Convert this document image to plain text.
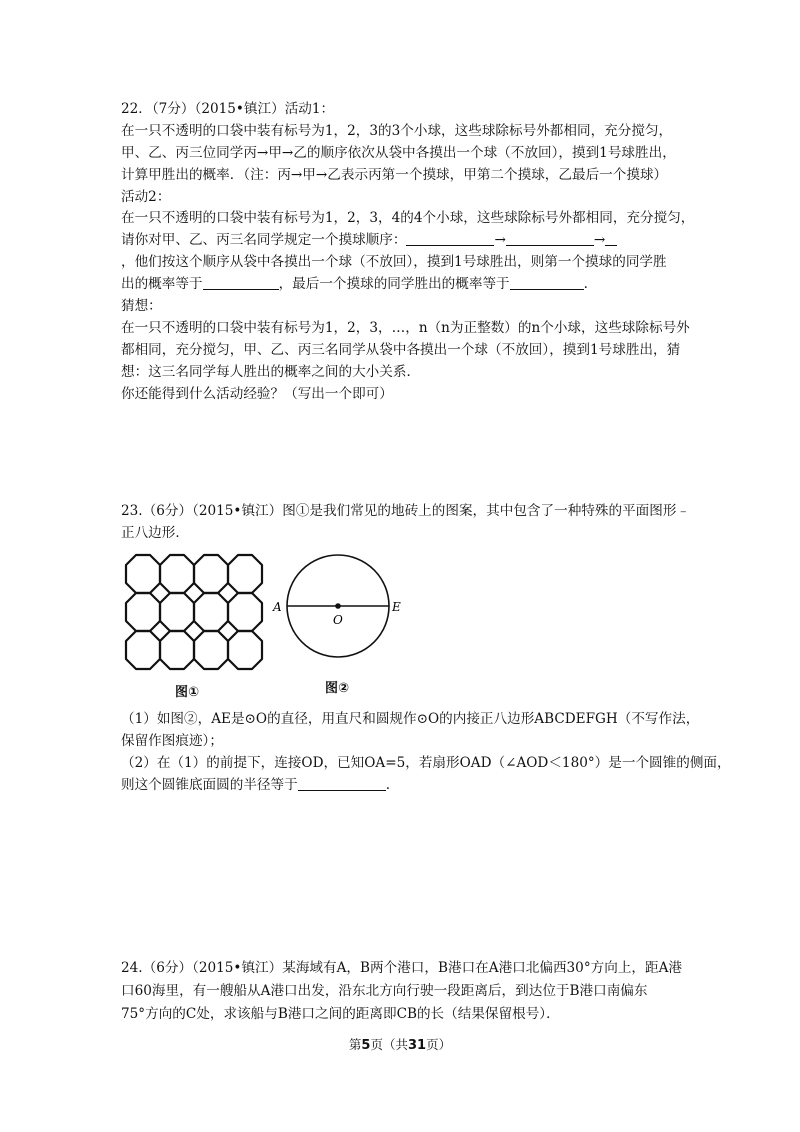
22．（7分）（2015•镇江）活动1：
在一只不透明的口袋中装有标号为1，2，3的3个小球，这些球除标号外都相同，充分搅匀，
甲、乙、丙三位同学丙→甲→乙的顺序依次从袋中各摸出一个球（不放回），摸到1号球胜出，
计算甲胜出的概率．（注：丙→甲→乙表示丙第一个摸球，甲第二个摸球，乙最后一个摸球）
活动2：
在一只不透明的口袋中装有标号为1，2，3，4的4个小球，这些球除标号外都相同，充分搅匀，
请你对甲、乙、丙三名同学规定一个摸球顺序：	→	→
，他们按这个顺序从袋中各摸出一个球（不放回），摸到1号球胜出，则第一个摸球的同学胜
出的概率等于	，最后一个摸球的同学胜出的概率等于	.
猜想：
在一只不透明的口袋中装有标号为1，2，3，…，n（n为正整数）的n个小球，这些球除标号外
都相同，充分搅匀，甲、乙、丙三名同学从袋中各摸出一个球（不放回），摸到1号球胜出，猜
想：这三名同学每人胜出的概率之间的大小关系．
你还能得到什么活动经验？（写出一个即可）
23.（6分）（2015•镇江）图①是我们常见的地砖上的图案，其中包含了一种特殊的平面图形﹣
正八边形．
图①
A
O
E
图②
（1）如图②，AE是⊙O的直径，用直尺和圆规作⊙O的内接正八边形ABCDEFGH（不写作法，
保留作图痕迹）；
（2）在（1）的前提下，连接OD，已知OA=5，若扇形OAD（∠AOD＜180°）是一个圆锥的侧面，
则这个圆锥底面圆的半径等于	.
24.（6分）（2015•镇江）某海域有A，B两个港口，B港口在A港口北偏西30°方向上，距A港
口60海里，有一艘船从A港口出发，沿东北方向行驶一段距离后，到达位于B港口南偏东
75°方向的C处，求该船与B港口之间的距离即CB的长（结果保留根号）．
第5页（共31页）
